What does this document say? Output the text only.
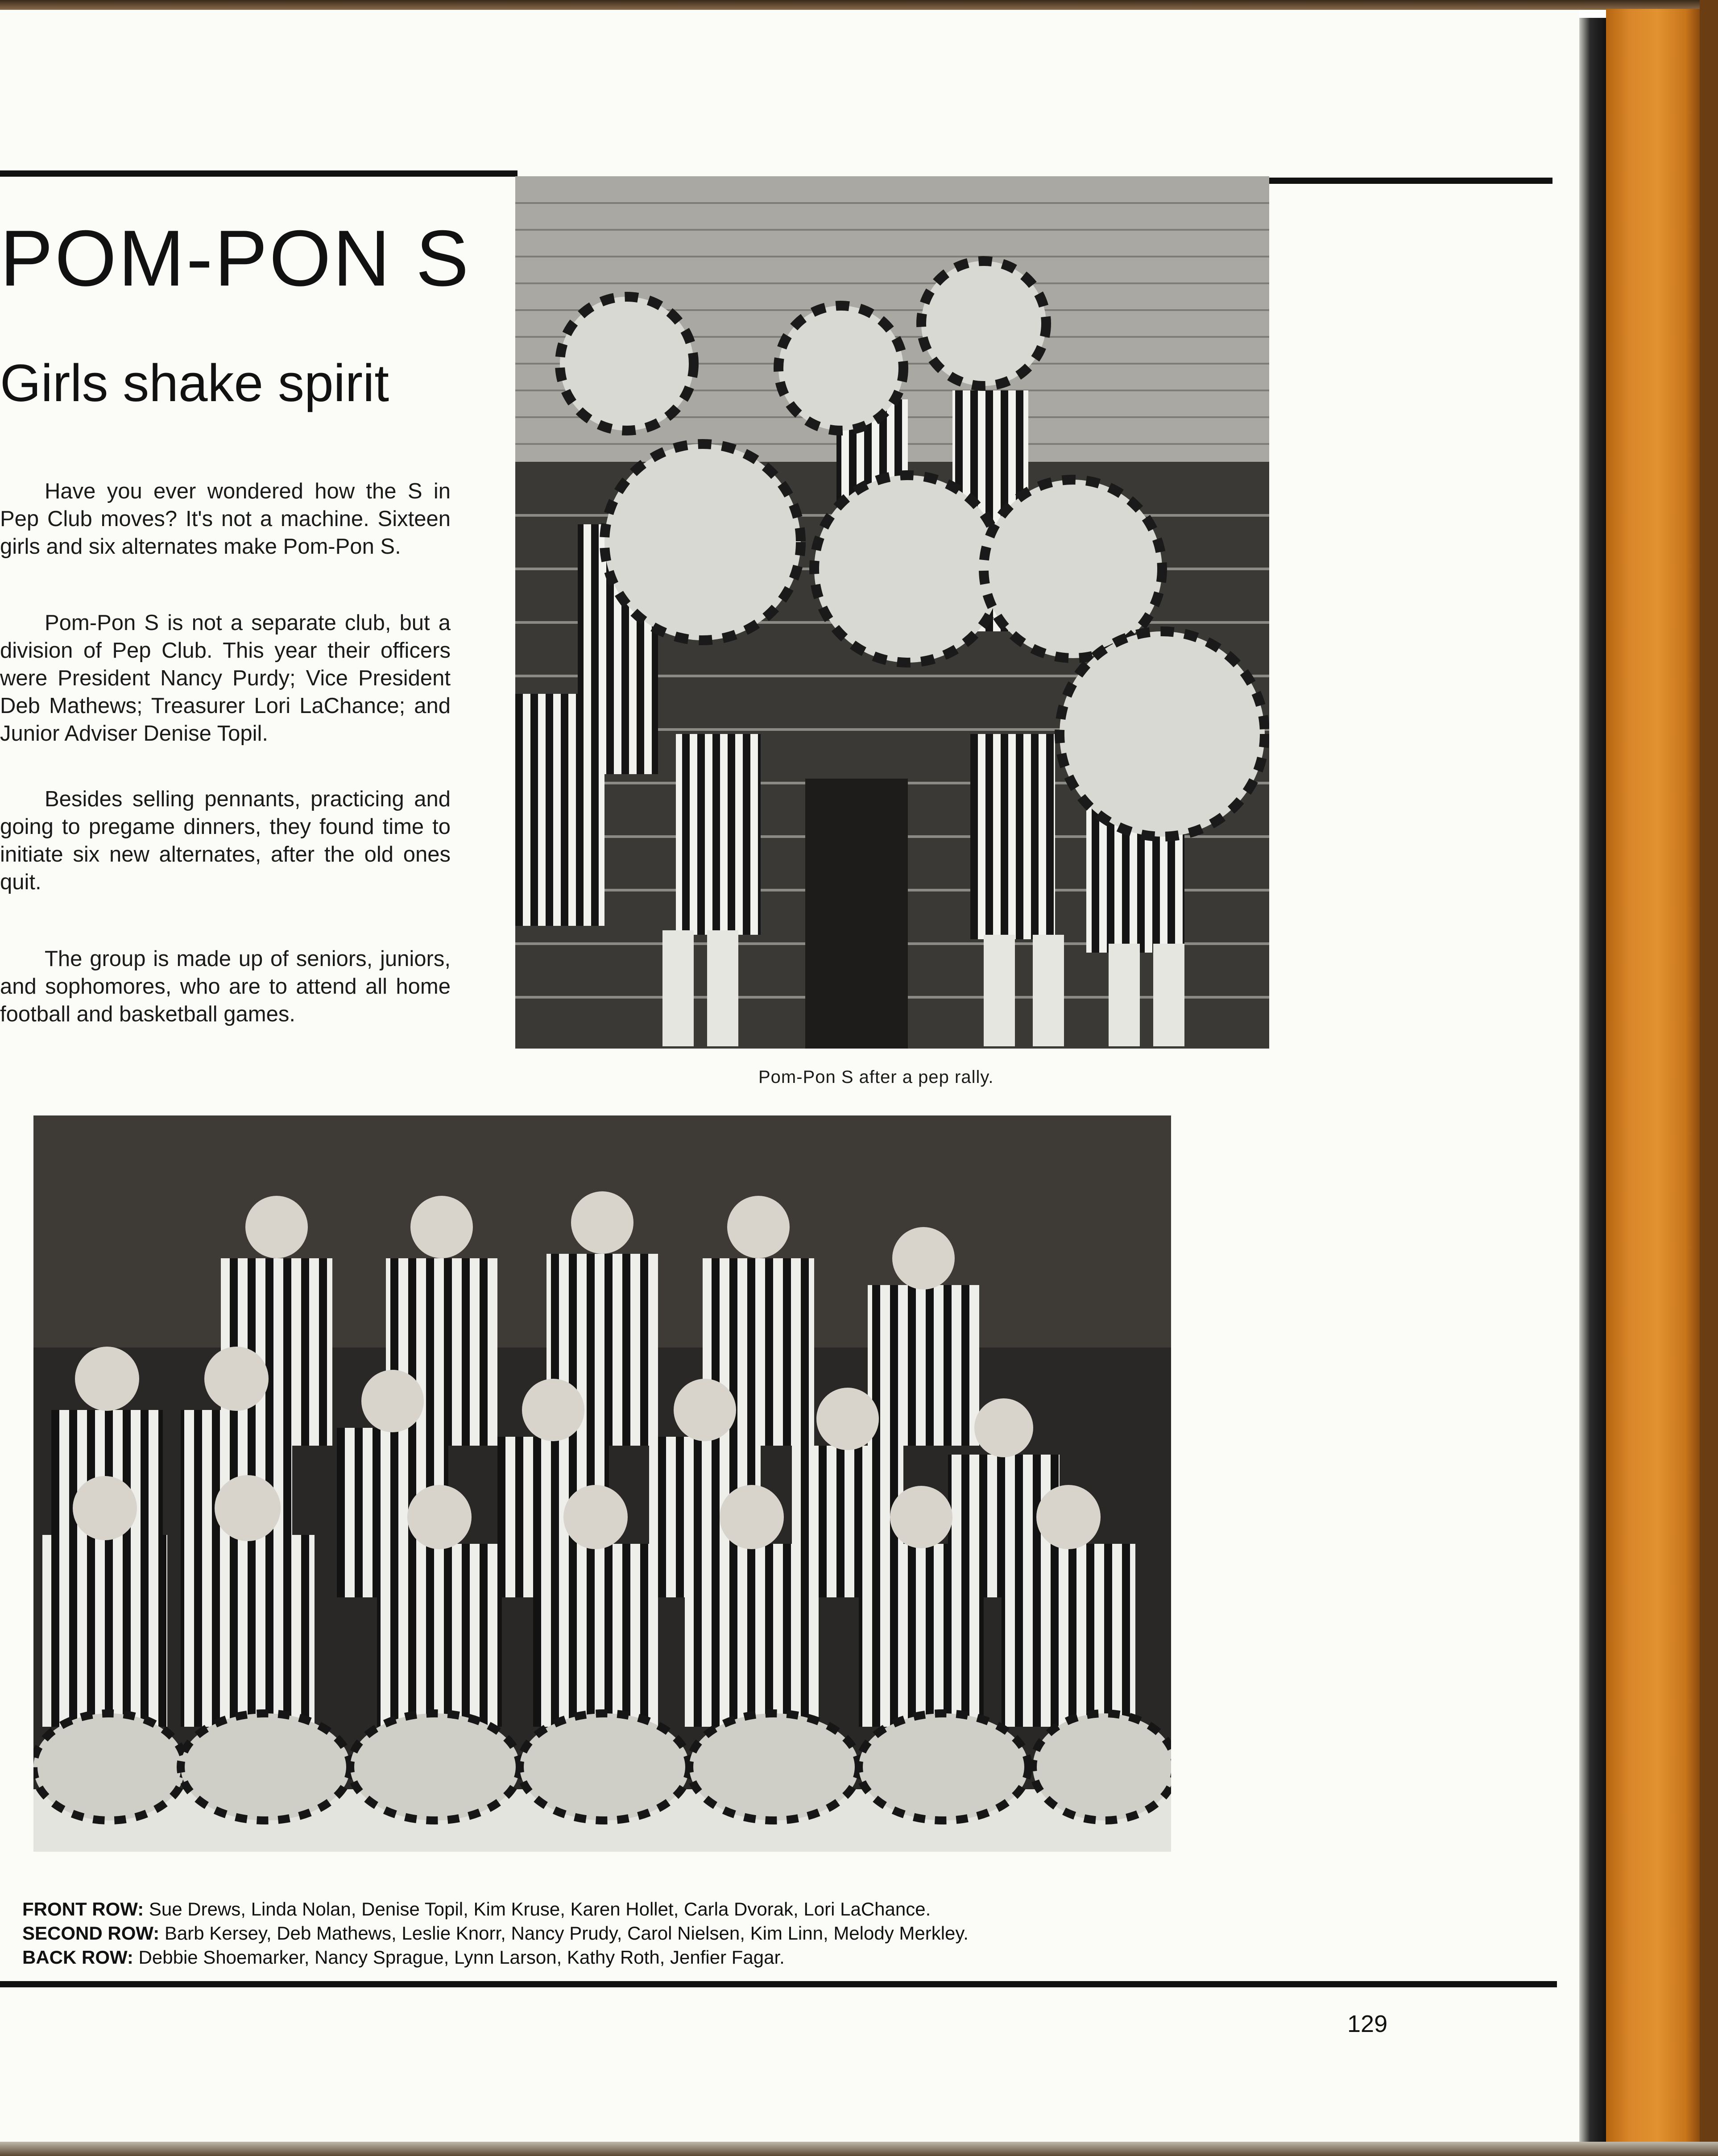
POM-PON S
Girls shake spirit
Have you ever wondered how the S in Pep Club moves? It's not a machine. Sixteen girls and six alternates make Pom-Pon S.
Pom-Pon S is not a separate club, but a division of Pep Club. This year their officers were President Nancy Purdy; Vice President Deb Mathews; Treasurer Lori LaChance; and Junior Adviser Denise Topil.
Besides selling pennants, practicing and going to pregame dinners, they found time to initiate six new alternates, after the old ones quit.
The group is made up of seniors, juniors, and sophomores, who are to attend all home football and basketball games.
Pom-Pon S after a pep rally.
FRONT ROW: Sue Drews, Linda Nolan, Denise Topil, Kim Kruse, Karen Hollet, Carla Dvorak, Lori LaChance.
SECOND ROW: Barb Kersey, Deb Mathews, Leslie Knorr, Nancy Prudy, Carol Nielsen, Kim Linn, Melody Merkley.
BACK ROW: Debbie Shoemarker, Nancy Sprague, Lynn Larson, Kathy Roth, Jenfier Fagar.
129
